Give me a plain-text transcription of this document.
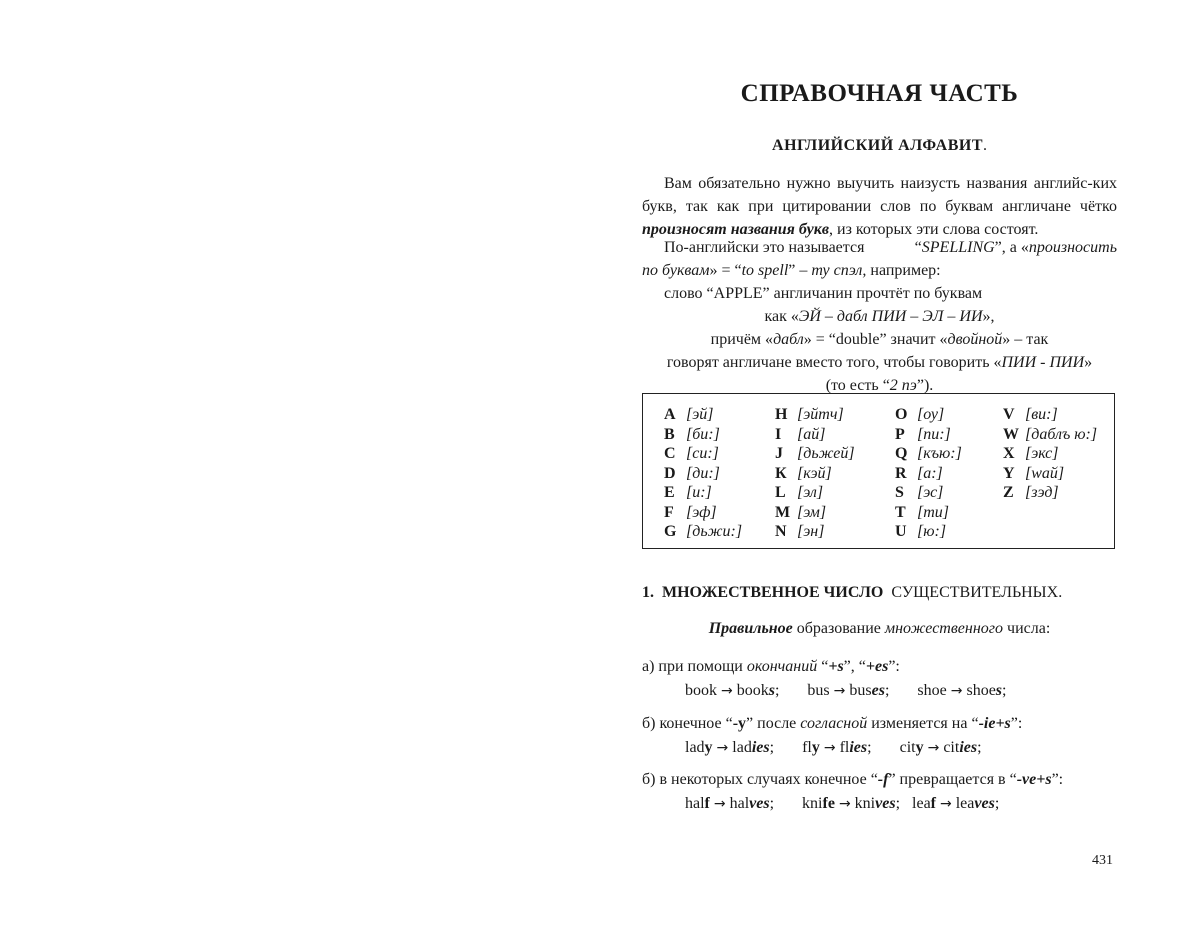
СПРАВОЧНАЯ ЧАСТЬ
АНГЛИЙСКИЙ АЛФАВИТ.
Вам обязательно нужно выучить наизусть названия английс-ких букв, так как при цитировании слов по буквам англичане чётко произносят названия букв, из которых эти слова состоят.
По-английски это называется	“SPELLING”, а «произносить
по буквам» = “to spell” – ту спэл, например:
слово “APPLE” англичанин прочтёт по буквам
как «ЭЙ – дабл ПИИ – ЭЛ – ИИ»,
причём «дабл» = “double” значит «двойной» – так
говорят англичане вместо того, чтобы говорить «ПИИ - ПИИ»
(то есть “2 пэ”).
A [эй]
B [би:]
C [си:]
D [ди:]
E [и:]
F [эф]
G [дьжи:]
H [эйтч]
I [ай]
J [дьжей]
К [кэй]
L [эл]
M [эм]
N [эн]
O [оу]
P [пи:]
Q [къю:]
R [а:]
S [эс]
T [ти]
U [ю:]
V [ви:]
W [даблъ ю:]
X [экс]
Y [wай]
Z [зэд]
1. МНОЖЕСТВЕННОЕ ЧИСЛО СУЩЕСТВИТЕЛЬНЫХ.
Правильное образование множественного числа:
а) при помощи окончаний “+s”, “+es”:
book → books; bus → buses; shoe → shoes;
б) конечное “-y” после согласной изменяется на “-ie+s”:
lady → ladies; fly → flies; city → cities;
б) в некоторых случаях конечное “-f” превращается в “-ve+s”:
half → halves; knife → knives; leaf → leaves;
431
